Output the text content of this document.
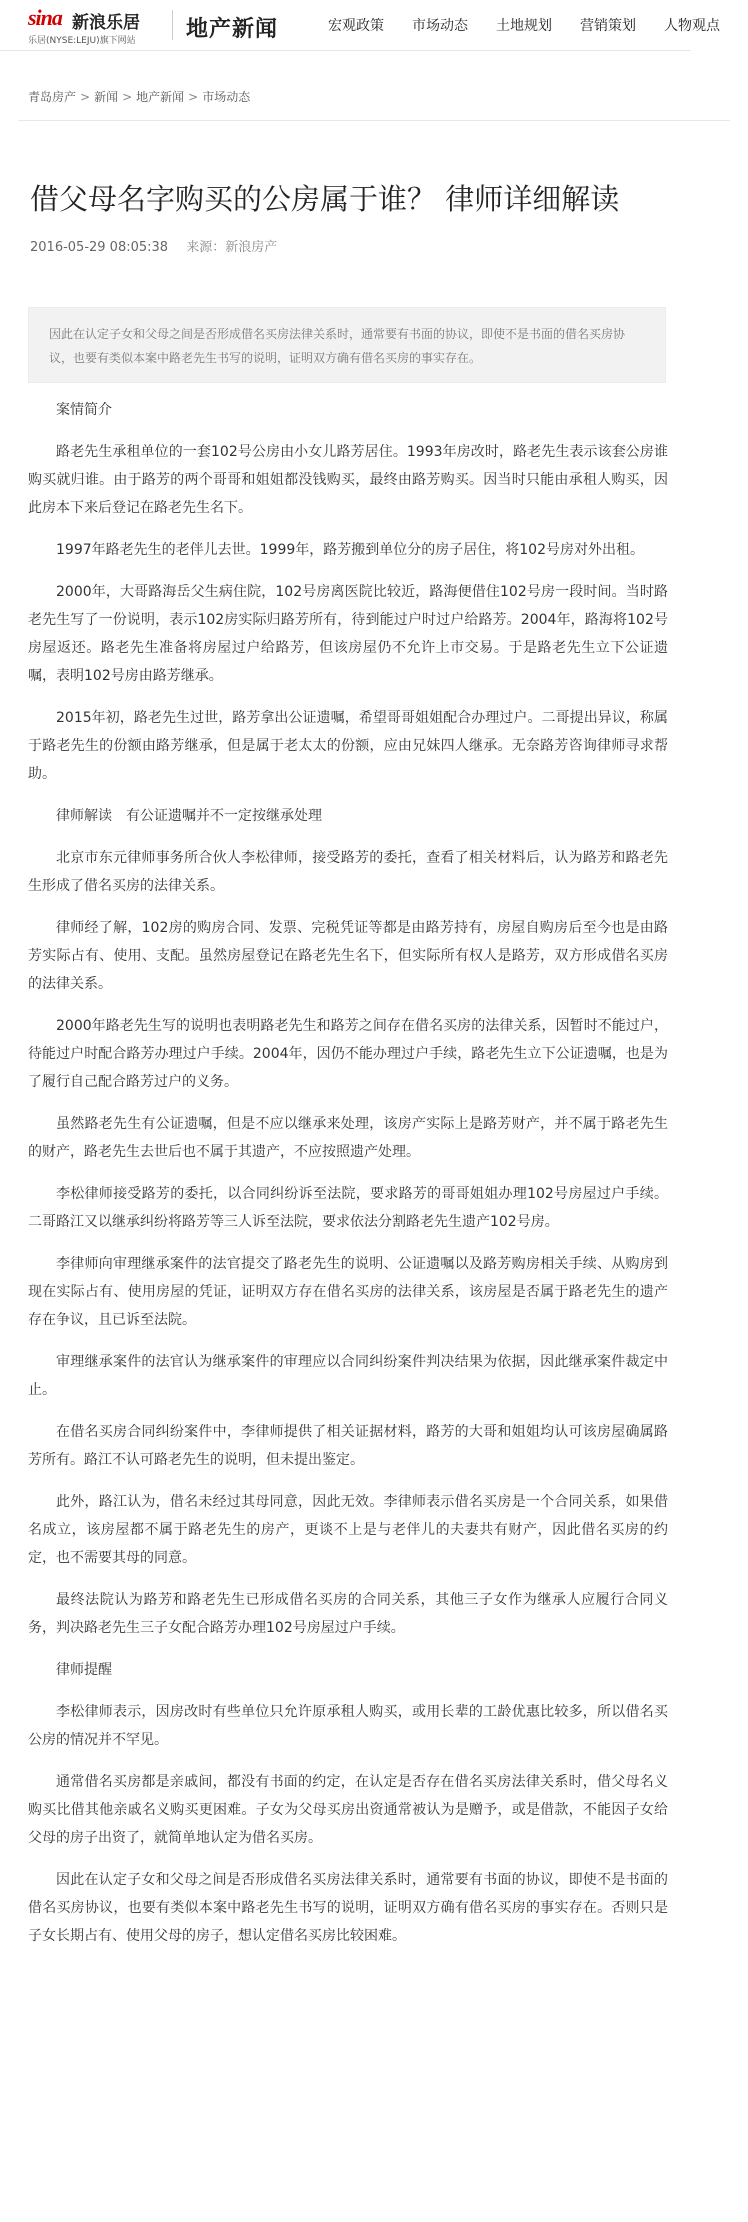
sina 新浪乐居
乐居(NYSE:LEJU)旗下网站 地产新闻	宏观政策 市场动态 土地规划 营销策划 人物观点
青岛房产 > 新闻 > 地产新闻 > 市场动态
借父母名字购买的公房属于谁？ 律师详细解读
2016-05-29 08:05:38 来源：新浪房产

因此在认定子女和父母之间是否形成借名买房法律关系时，通常要有书面的协议，即使不是书面的借名买房协议，也要有类似本案中路老先生书写的说明，证明双方确有借名买房的事实存在。

案情简介

路老先生承租单位的一套102号公房由小女儿路芳居住。1993年房改时，路老先生表示该套公房谁购买就归谁。由于路芳的两个哥哥和姐姐都没钱购买，最终由路芳购买。因当时只能由承租人购买，因此房本下来后登记在路老先生名下。

1997年路老先生的老伴儿去世。1999年，路芳搬到单位分的房子居住，将102号房对外出租。

2000年，大哥路海岳父生病住院，102号房离医院比较近，路海便借住102号房一段时间。当时路老先生写了一份说明，表示102房实际归路芳所有，待到能过户时过户给路芳。2004年，路海将102号房屋返还。路老先生准备将房屋过户给路芳，但该房屋仍不允许上市交易。于是路老先生立下公证遗嘱，表明102号房由路芳继承。

2015年初，路老先生过世，路芳拿出公证遗嘱，希望哥哥姐姐配合办理过户。二哥提出异议，称属于路老先生的份额由路芳继承，但是属于老太太的份额，应由兄妹四人继承。无奈路芳咨询律师寻求帮助。

律师解读　有公证遗嘱并不一定按继承处理

北京市东元律师事务所合伙人李松律师，接受路芳的委托，查看了相关材料后，认为路芳和路老先生形成了借名买房的法律关系。

律师经了解，102房的购房合同、发票、完税凭证等都是由路芳持有，房屋自购房后至今也是由路芳实际占有、使用、支配。虽然房屋登记在路老先生名下，但实际所有权人是路芳，双方形成借名买房的法律关系。

2000年路老先生写的说明也表明路老先生和路芳之间存在借名买房的法律关系，因暂时不能过户，待能过户时配合路芳办理过户手续。2004年，因仍不能办理过户手续，路老先生立下公证遗嘱，也是为了履行自己配合路芳过户的义务。

虽然路老先生有公证遗嘱，但是不应以继承来处理，该房产实际上是路芳财产，并不属于路老先生的财产，路老先生去世后也不属于其遗产，不应按照遗产处理。

李松律师接受路芳的委托，以合同纠纷诉至法院，要求路芳的哥哥姐姐办理102号房屋过户手续。二哥路江又以继承纠纷将路芳等三人诉至法院，要求依法分割路老先生遗产102号房。

李律师向审理继承案件的法官提交了路老先生的说明、公证遗嘱以及路芳购房相关手续、从购房到现在实际占有、使用房屋的凭证，证明双方存在借名买房的法律关系，该房屋是否属于路老先生的遗产存在争议，且已诉至法院。

审理继承案件的法官认为继承案件的审理应以合同纠纷案件判决结果为依据，因此继承案件裁定中止。

在借名买房合同纠纷案件中，李律师提供了相关证据材料，路芳的大哥和姐姐均认可该房屋确属路芳所有。路江不认可路老先生的说明，但未提出鉴定。

此外，路江认为，借名未经过其母同意，因此无效。李律师表示借名买房是一个合同关系，如果借名成立，该房屋都不属于路老先生的房产，更谈不上是与老伴儿的夫妻共有财产，因此借名买房的约定，也不需要其母的同意。

最终法院认为路芳和路老先生已形成借名买房的合同关系，其他三子女作为继承人应履行合同义务，判决路老先生三子女配合路芳办理102号房屋过户手续。

律师提醒

李松律师表示，因房改时有些单位只允许原承租人购买，或用长辈的工龄优惠比较多，所以借名买公房的情况并不罕见。

通常借名买房都是亲戚间，都没有书面的约定，在认定是否存在借名买房法律关系时，借父母名义购买比借其他亲戚名义购买更困难。子女为父母买房出资通常被认为是赠予，或是借款，不能因子女给父母的房子出资了，就简单地认定为借名买房。

因此在认定子女和父母之间是否形成借名买房法律关系时，通常要有书面的协议，即使不是书面的借名买房协议，也要有类似本案中路老先生书写的说明，证明双方确有借名买房的事实存在。否则只是子女长期占有、使用父母的房子，想认定借名买房比较困难。
